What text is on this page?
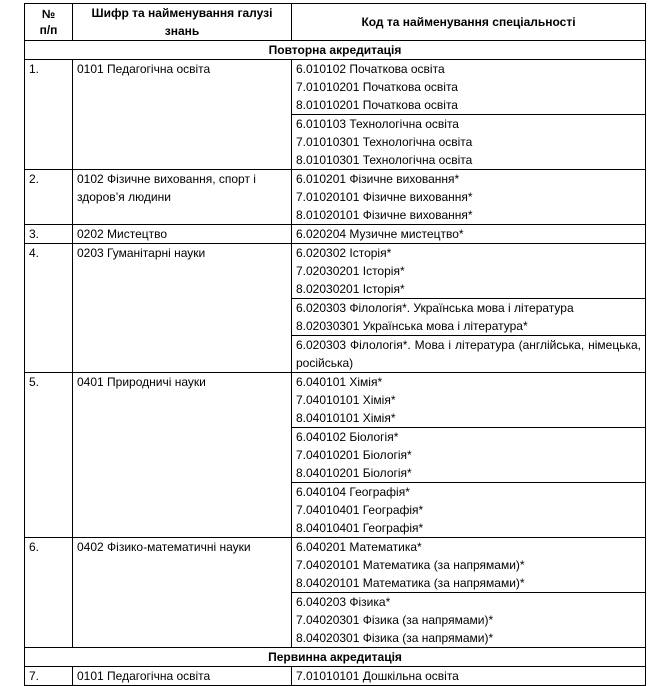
№
п/п	Шифр та найменування галузі знань	Код та найменування спеціальності
Повторна акредитація		
1.	0101 Педагогічна освіта	6.010102 Початкова освіта
7.01010201 Початкова освіта
8.01010201 Початкова освіта

		6.010103 Технологічна освіта
7.01010301 Технологічна освіта
8.01010301 Технологічна освіта

2.	0102 Фізичне виховання, спорт і здоров’я людини	6.010201 Фізичне виховання*
7.01020101 Фізичне виховання*
8.01020101 Фізичне виховання*

3.	0202 Мистецтво	6.020204 Музичне мистецтво*

4.	0203 Гуманітарні науки	6.020302 Історія*
7.02030201 Історія*
8.02030201 Історія*

		6.020303 Філологія*. Українська мова і література
8.02030301 Українська мова і література*

		6.020303 Філологія*. Мова і література (англійська, німецька, російська)

5.	0401 Природничі науки	6.040101 Хімія*
7.04010101 Хімія*
8.04010101 Хімія*

		6.040102 Біологія*
7.04010201 Біологія*
8.04010201 Біологія*

		6.040104 Географія*
7.04010401 Географія*
8.04010401 Географія*

6.	0402 Фізико-математичні науки	6.040201 Математика*
7.04020101 Математика (за напрямами)*
8.04020101 Математика (за напрямами)*

		6.040203 Фізика*
7.04020301 Фізика (за напрямами)*
8.04020301 Фізика (за напрямами)*

Первинна акредитація		
7.	0101 Педагогічна освіта	7.01010101 Дошкільна освіта
